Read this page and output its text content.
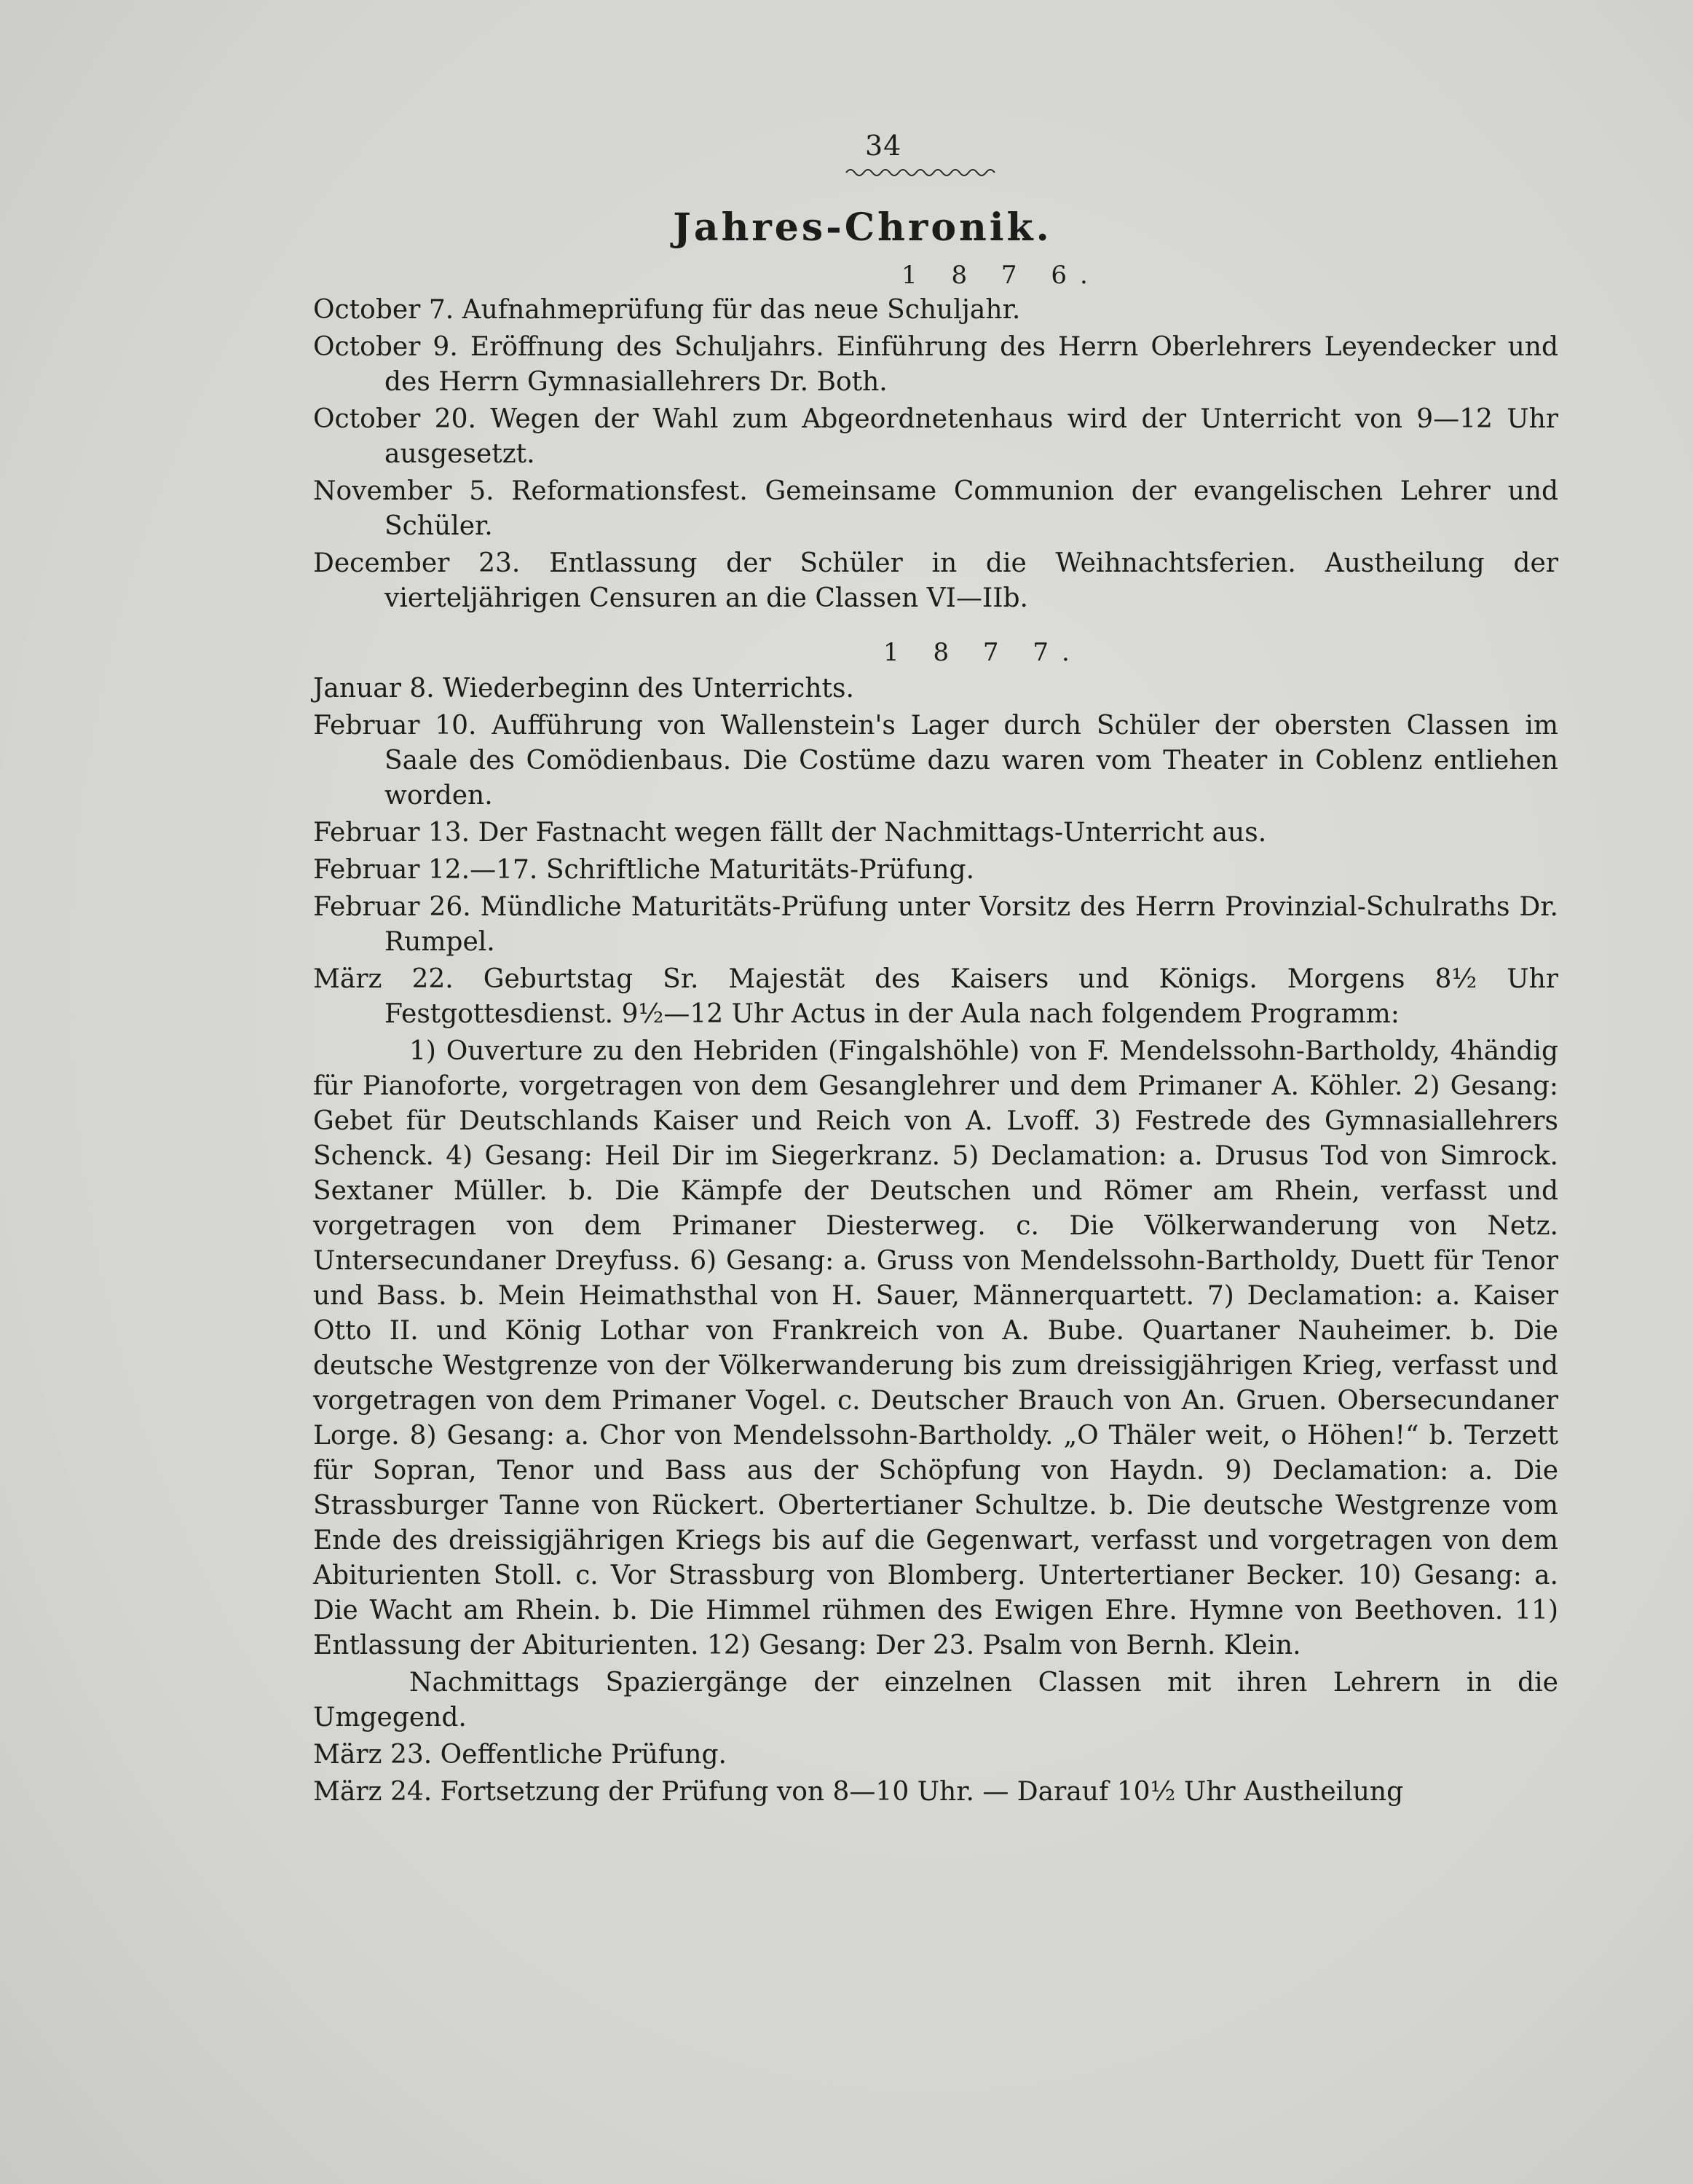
34
Jahres-Chronik.
1 8 7 6.

October 7. Aufnahmeprüfung für das neue Schuljahr.

October 9. Eröffnung des Schuljahrs. Einführung des Herrn Oberlehrers Leyendecker und des Herrn Gymnasiallehrers Dr. Both.

October 20. Wegen der Wahl zum Abgeordnetenhaus wird der Unterricht von 9—12 Uhr ausgesetzt.

November 5. Reformationsfest. Gemeinsame Communion der evangelischen Lehrer und Schüler.

December 23. Entlassung der Schüler in die Weihnachtsferien. Austheilung der vierteljährigen Censuren an die Classen VI—IIb.

1 8 7 7.

Januar 8. Wiederbeginn des Unterrichts.

Februar 10. Aufführung von Wallenstein's Lager durch Schüler der obersten Classen im Saale des Comödienbaus. Die Costüme dazu waren vom Theater in Coblenz entliehen worden.

Februar 13. Der Fastnacht wegen fällt der Nachmittags-Unterricht aus.

Februar 12.—17. Schriftliche Maturitäts-Prüfung.

Februar 26. Mündliche Maturitäts-Prüfung unter Vorsitz des Herrn Provinzial-Schulraths Dr. Rumpel.

März 22. Geburtstag Sr. Majestät des Kaisers und Königs. Morgens 8½ Uhr Festgottesdienst. 9½—12 Uhr Actus in der Aula nach folgendem Programm:

1) Ouverture zu den Hebriden (Fingalshöhle) von F. Mendelssohn-Bartholdy, 4händig für Pianoforte, vorgetragen von dem Gesanglehrer und dem Primaner A. Köhler. 2) Gesang: Gebet für Deutschlands Kaiser und Reich von A. Lvoff. 3) Festrede des Gymnasiallehrers Schenck. 4) Gesang: Heil Dir im Siegerkranz. 5) Declamation: a. Drusus Tod von Simrock. Sextaner Müller. b. Die Kämpfe der Deutschen und Römer am Rhein, verfasst und vorgetragen von dem Primaner Diesterweg. c. Die Völkerwanderung von Netz. Untersecundaner Dreyfuss. 6) Gesang: a. Gruss von Mendelssohn-Bartholdy, Duett für Tenor und Bass. b. Mein Heimathsthal von H. Sauer, Männerquartett. 7) Declamation: a. Kaiser Otto II. und König Lothar von Frankreich von A. Bube. Quartaner Nauheimer. b. Die deutsche Westgrenze von der Völkerwanderung bis zum dreissigjährigen Krieg, verfasst und vorgetragen von dem Primaner Vogel. c. Deutscher Brauch von An. Gruen. Obersecundaner Lorge. 8) Gesang: a. Chor von Mendelssohn-Bartholdy. „O Thäler weit, o Höhen!“ b. Terzett für Sopran, Tenor und Bass aus der Schöpfung von Haydn. 9) Declamation: a. Die Strassburger Tanne von Rückert. Obertertianer Schultze. b. Die deutsche Westgrenze vom Ende des dreissigjährigen Kriegs bis auf die Gegenwart, verfasst und vorgetragen von dem Abiturienten Stoll. c. Vor Strassburg von Blomberg. Untertertianer Becker. 10) Gesang: a. Die Wacht am Rhein. b. Die Himmel rühmen des Ewigen Ehre. Hymne von Beethoven. 11) Entlassung der Abiturienten. 12) Gesang: Der 23. Psalm von Bernh. Klein.

Nachmittags Spaziergänge der einzelnen Classen mit ihren Lehrern in die Umgegend.

März 23. Oeffentliche Prüfung.

März 24. Fortsetzung der Prüfung von 8—10 Uhr. — Darauf 10½ Uhr Austheilung
